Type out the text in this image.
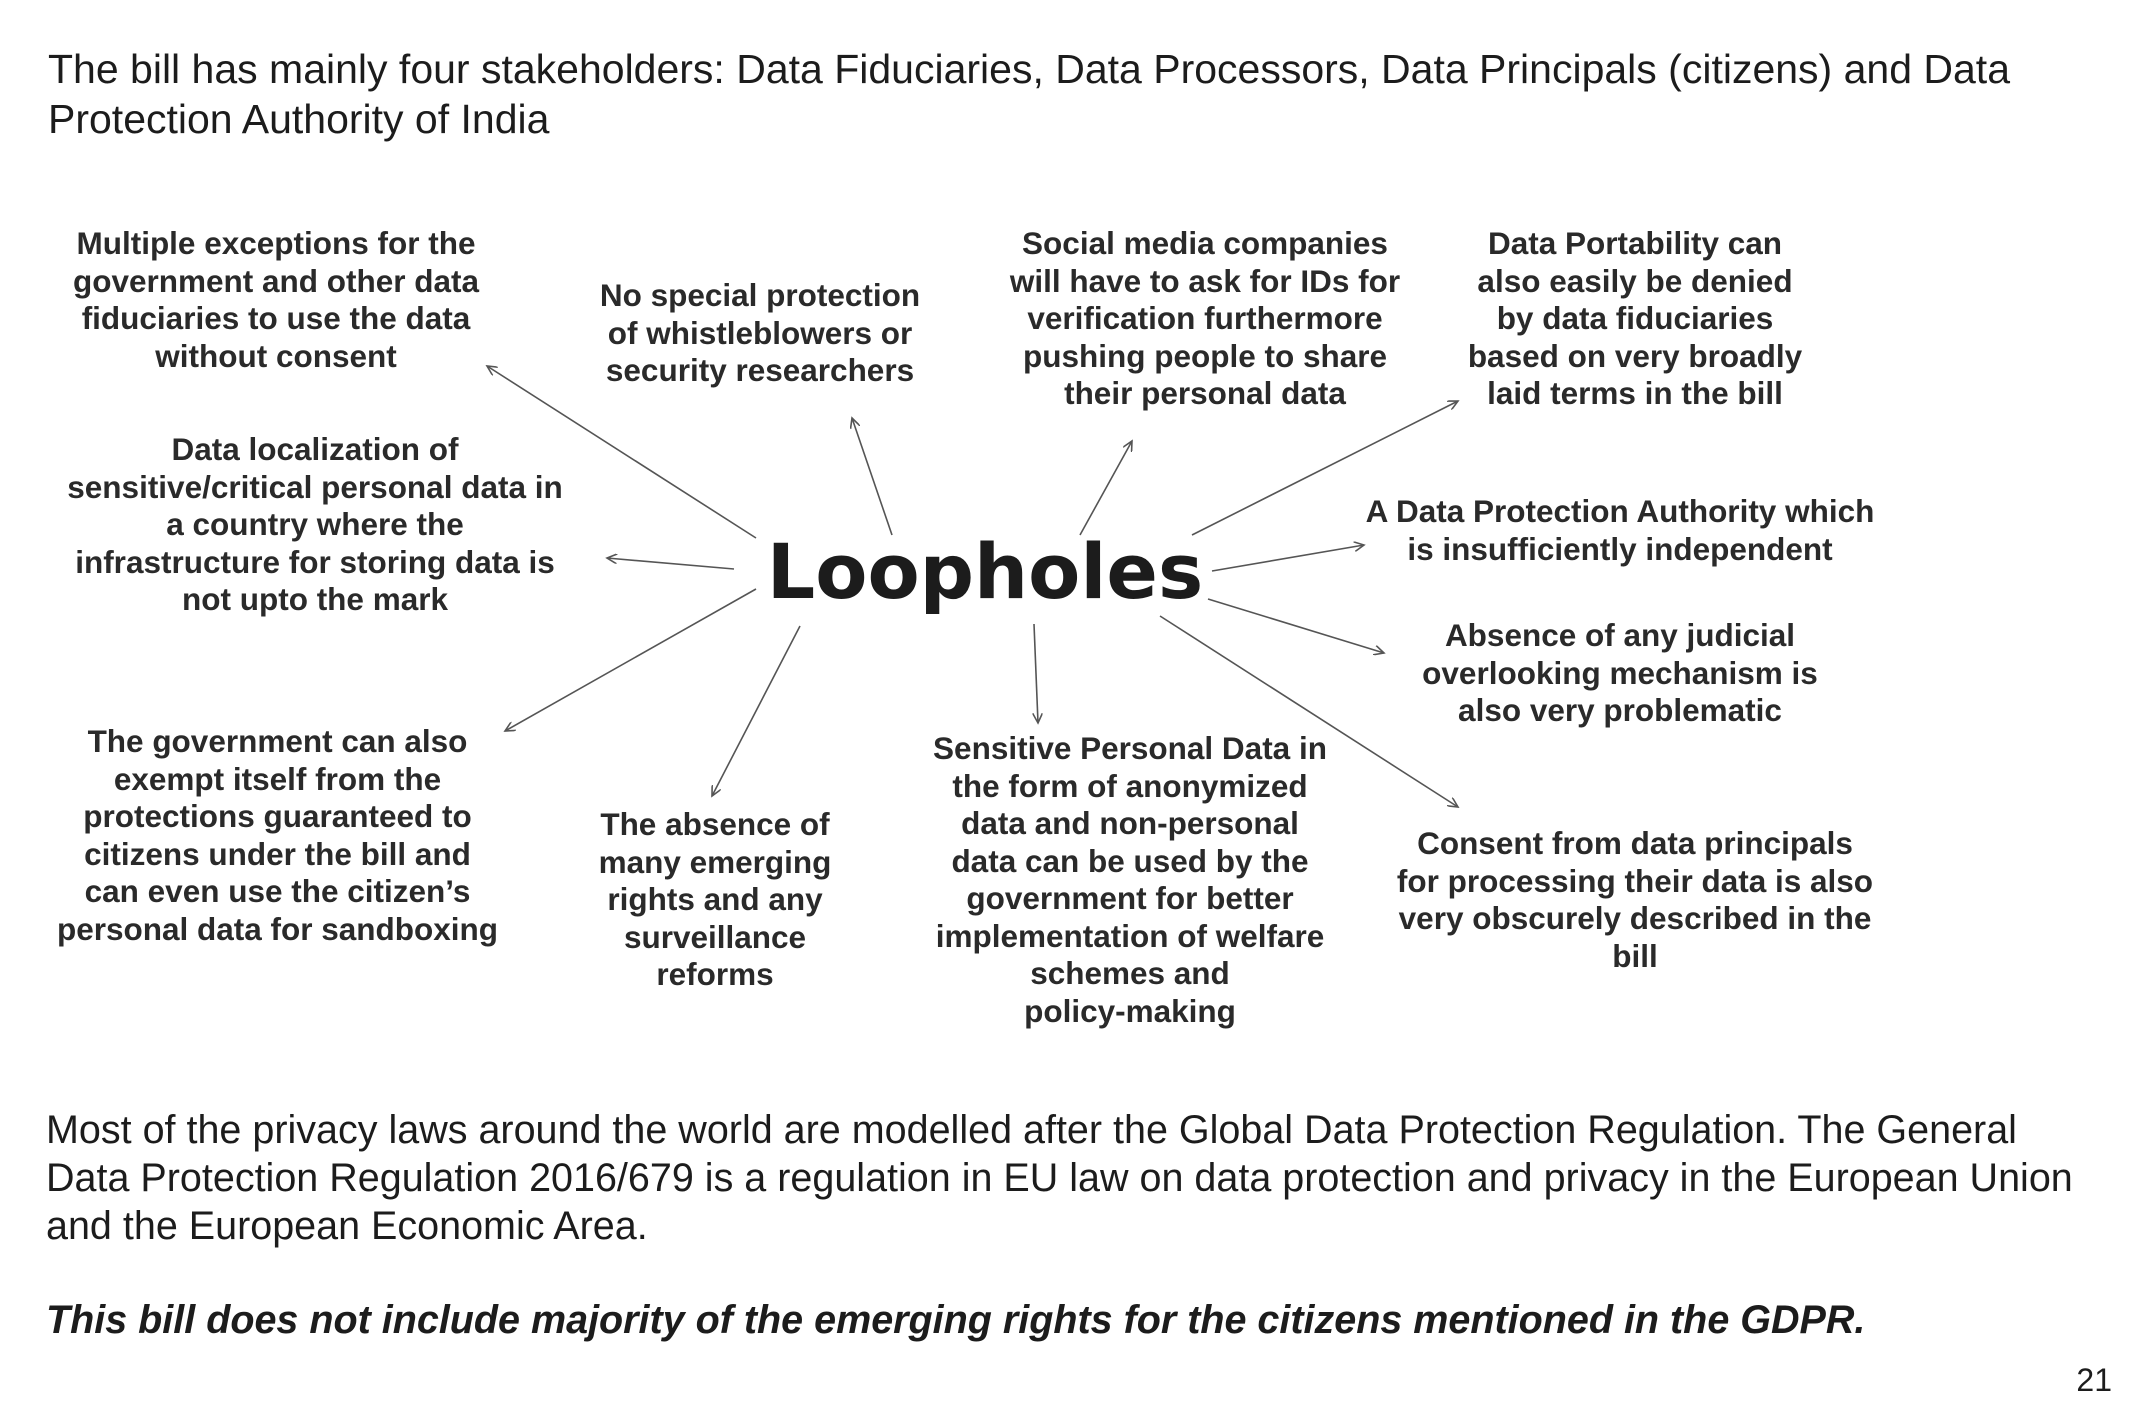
The bill has mainly four stakeholders: Data Fiduciaries, Data Processors, Data Principals (citizens) and Data Protection Authority of India

Loopholes
Multiple exceptions for the
government and other data
fiduciaries to use the data
without consent
No special protection
of whistleblowers or
security researchers
Social media companies
will have to ask for IDs for
verification furthermore
pushing people to share
their personal data
Data Portability can
also easily be denied
by data fiduciaries
based on very broadly
laid terms in the bill
Data localization of
sensitive/critical personal data in
a country where the
infrastructure for storing data is
not upto the mark
A Data Protection Authority which
is insufficiently independent
Absence of any judicial
overlooking mechanism is
also very problematic
The government can also
exempt itself from the
protections guaranteed to
citizens under the bill and
can even use the citizen’s
personal data for sandboxing
The absence of
many emerging
rights and any
surveillance
reforms
Sensitive Personal Data in
the form of anonymized
data and non-personal
data can be used by the
government for better
implementation of welfare
schemes and
policy-making
Consent from data principals
for processing their data is also
very obscurely described in the
bill

Most of the privacy laws around the world are modelled after the Global Data Protection Regulation. The General Data Protection Regulation 2016/679 is a regulation in EU law on data protection and privacy in the European Union and the European Economic Area.

This bill does not include majority of the emerging rights for the citizens mentioned in the GDPR.

21
